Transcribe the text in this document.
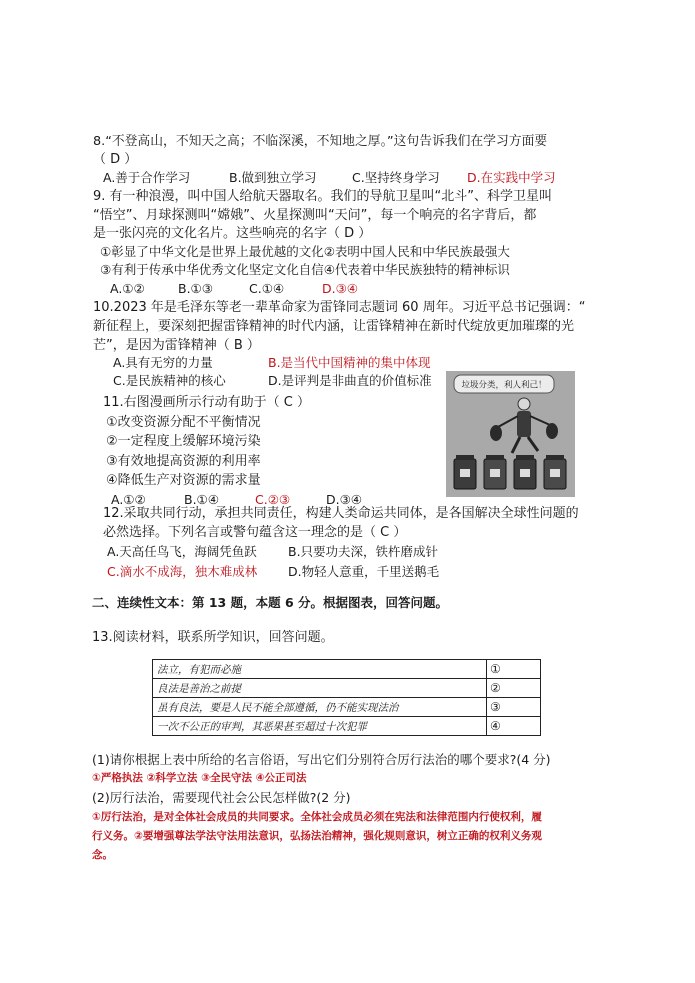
8.“不登高山，不知天之高；不临深溪，不知地之厚。”这句告诉我们在学习方面要
（ D ）
A.善于合作学习	B.做到独立学习	C.坚持终身学习 D.在实践中学习
9. 有一种浪漫，叫中国人给航天器取名。我们的导航卫星叫“北斗”、科学卫星叫
“悟空”、月球探测叫“嫦娥”、火星探测叫“天问”，每一个响亮的名字背后，都
是一张闪亮的文化名片。这些响亮的名字（ D ）
①彰显了中华文化是世界上最优越的文化②表明中国人民和中华民族最强大
③有利于传承中华优秀文化坚定文化自信④代表着中华民族独特的精神标识
A.①②	B.①③	C.①④	D.③④
10.2023 年是毛泽东等老一辈革命家为雷锋同志题词 60 周年。习近平总书记强调：“
新征程上，要深刻把握雷锋精神的时代内涵，让雷锋精神在新时代绽放更加璀璨的光
芒”，是因为雷锋精神（ B ）
A.具有无穷的力量	B.是当代中国精神的集中体现
C.是民族精神的核心	D.是评判是非曲直的价值标准
11.右图漫画所示行动有助于（ C ）
①改变资源分配不平衡情况
②一定程度上缓解环境污染
③有效地提高资源的利用率
④降低生产对资源的需求量
A.①②	B.①④	C.②③	D.③④
垃圾分类，利人利己！
12.采取共同行动，承担共同责任，构建人类命运共同体，是各国解决全球性问题的
必然选择。下列名言或警句蕴含这一理念的是（ C ）
A.天高任鸟飞，海阔凭鱼跃 B.只要功夫深，铁杵磨成针
C.滴水不成海，独木难成林 D.物轻人意重，千里送鹅毛
二、连续性文本：第 13 题，本题 6 分。根据图表，回答问题。
13.阅读材料，联系所学知识，回答问题。
法立，有犯而必施	①
良法是善治之前提	②
虽有良法，要是人民不能全部遵循，仍不能实现法治	③
一次不公正的审判，其恶果甚至超过十次犯罪	④
(1)请你根据上表中所给的名言俗语，写出它们分别符合厉行法治的哪个要求?(4 分)
①严格执法 ②科学立法 ③全民守法 ④公正司法
(2)厉行法治，需要现代社会公民怎样做?(2 分)
①厉行法治，是对全体社会成员的共同要求。全体社会成员必须在宪法和法律范围内行使权利，履
行义务。②要增强尊法学法守法用法意识，弘扬法治精神，强化规则意识，树立正确的权利义务观
念。
